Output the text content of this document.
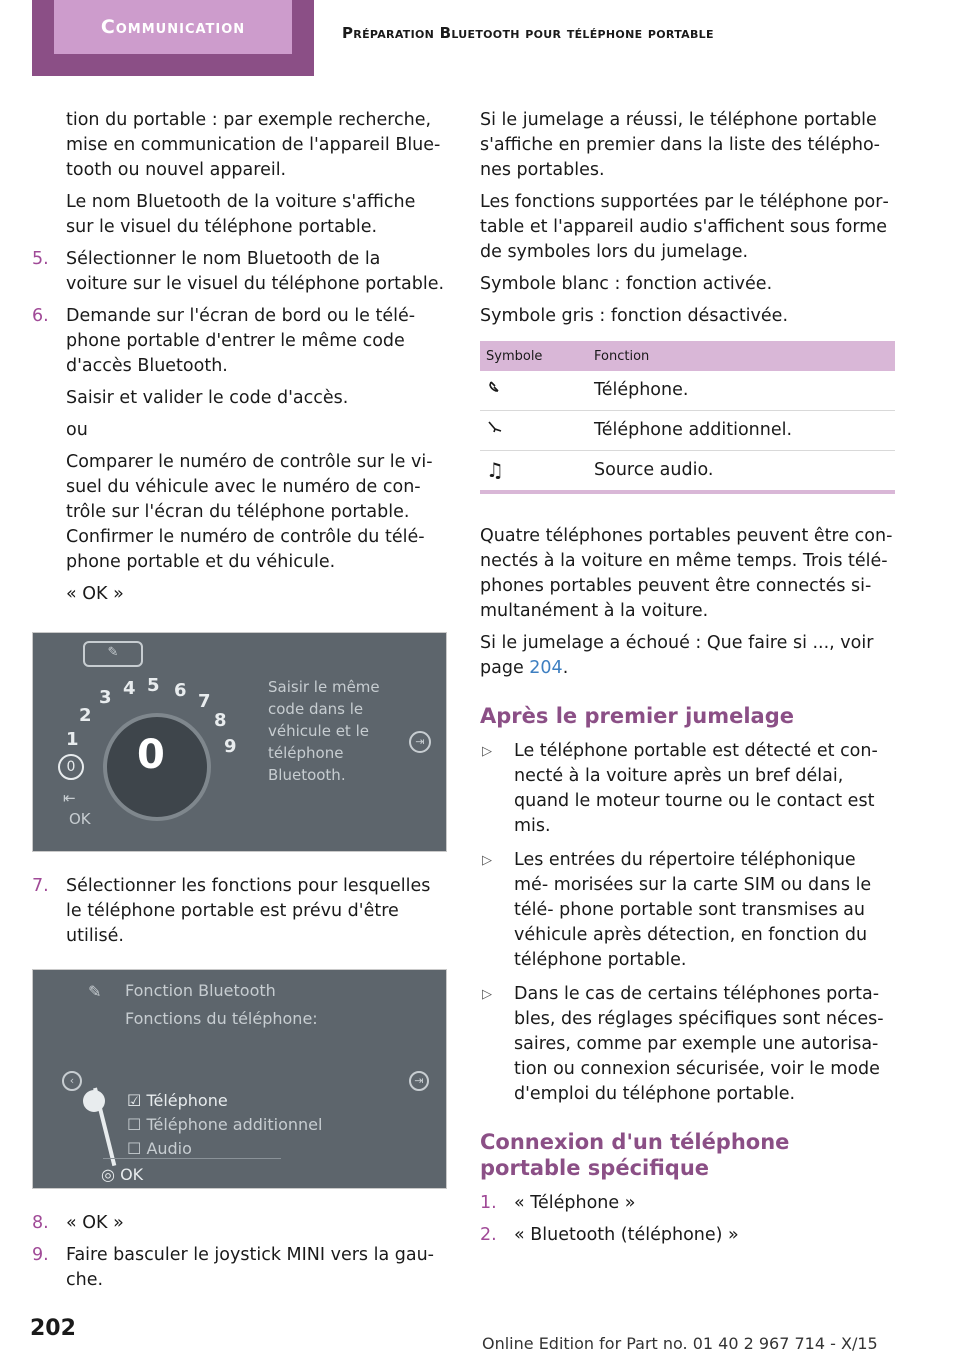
Communication	Préparation Bluetooth pour téléphone portable

tion du portable : par exemple recherche, mise en communication de l'appareil Blue‐ tooth ou nouvel appareil.

Le nom Bluetooth de la voiture s'affiche sur le visuel du téléphone portable.

5. Sélectionner le nom Bluetooth de la voiture sur le visuel du téléphone portable.
6. Demande sur l'écran de bord ou le télé‐ phone portable d'entrer le même code d'accès Bluetooth.

Saisir et valider le code d'accès.

ou

Comparer le numéro de contrôle sur le vi‐ suel du véhicule avec le numéro de con‐ trôle sur l'écran du téléphone portable. Confirmer le numéro de contrôle du télé‐ phone portable et du véhicule.

« OK »

✎
1
2
3 4 5 6
7
8
9
0
0
⇤
OK
Saisir le même code dans le véhicule et le téléphone Bluetooth.
⇥
7. Sélectionner les fonctions pour lesquelles le téléphone portable est prévu d'être utilisé.
✎ Fonction Bluetooth
Fonctions du téléphone:
‹	⇥
☑ Téléphone
☐ Téléphone additionnel
☐ Audio
◎ OK
8. « OK »
9. Faire basculer le joystick MINI vers la gau‐ che.

Si le jumelage a réussi, le téléphone portable s'affiche en premier dans la liste des télépho‐ nes portables.

Les fonctions supportées par le téléphone por‐ table et l'appareil audio s'affichent sous forme de symboles lors du jumelage.

Symbole blanc : fonction activée.

Symbole gris : fonction désactivée.

Symbole	Fonction
	Téléphone.
	Téléphone additionnel.
♫	Source audio.

Quatre téléphones portables peuvent être con‐ nectés à la voiture en même temps. Trois télé‐ phones portables peuvent être connectés si‐ multanément à la voiture.

Si le jumelage a échoué : Que faire si ..., voir page 204.

Après le premier jumelage
▷ Le téléphone portable est détecté et con‐ necté à la voiture après un bref délai, quand le moteur tourne ou le contact est mis.
▷ Les entrées du répertoire téléphonique mé‐ morisées sur la carte SIM ou dans le télé‐ phone portable sont transmises au véhicule après détection, en fonction du téléphone portable.
▷ Dans le cas de certains téléphones porta‐ bles, des réglages spécifiques sont néces‐ saires, comme par exemple une autorisa‐ tion ou connexion sécurisée, voir le mode d'emploi du téléphone portable.
Connexion d'un téléphone portable spécifique
1. « Téléphone »
2. « Bluetooth (téléphone) »
202
Online Edition for Part no. 01 40 2 967 714 - X/15
